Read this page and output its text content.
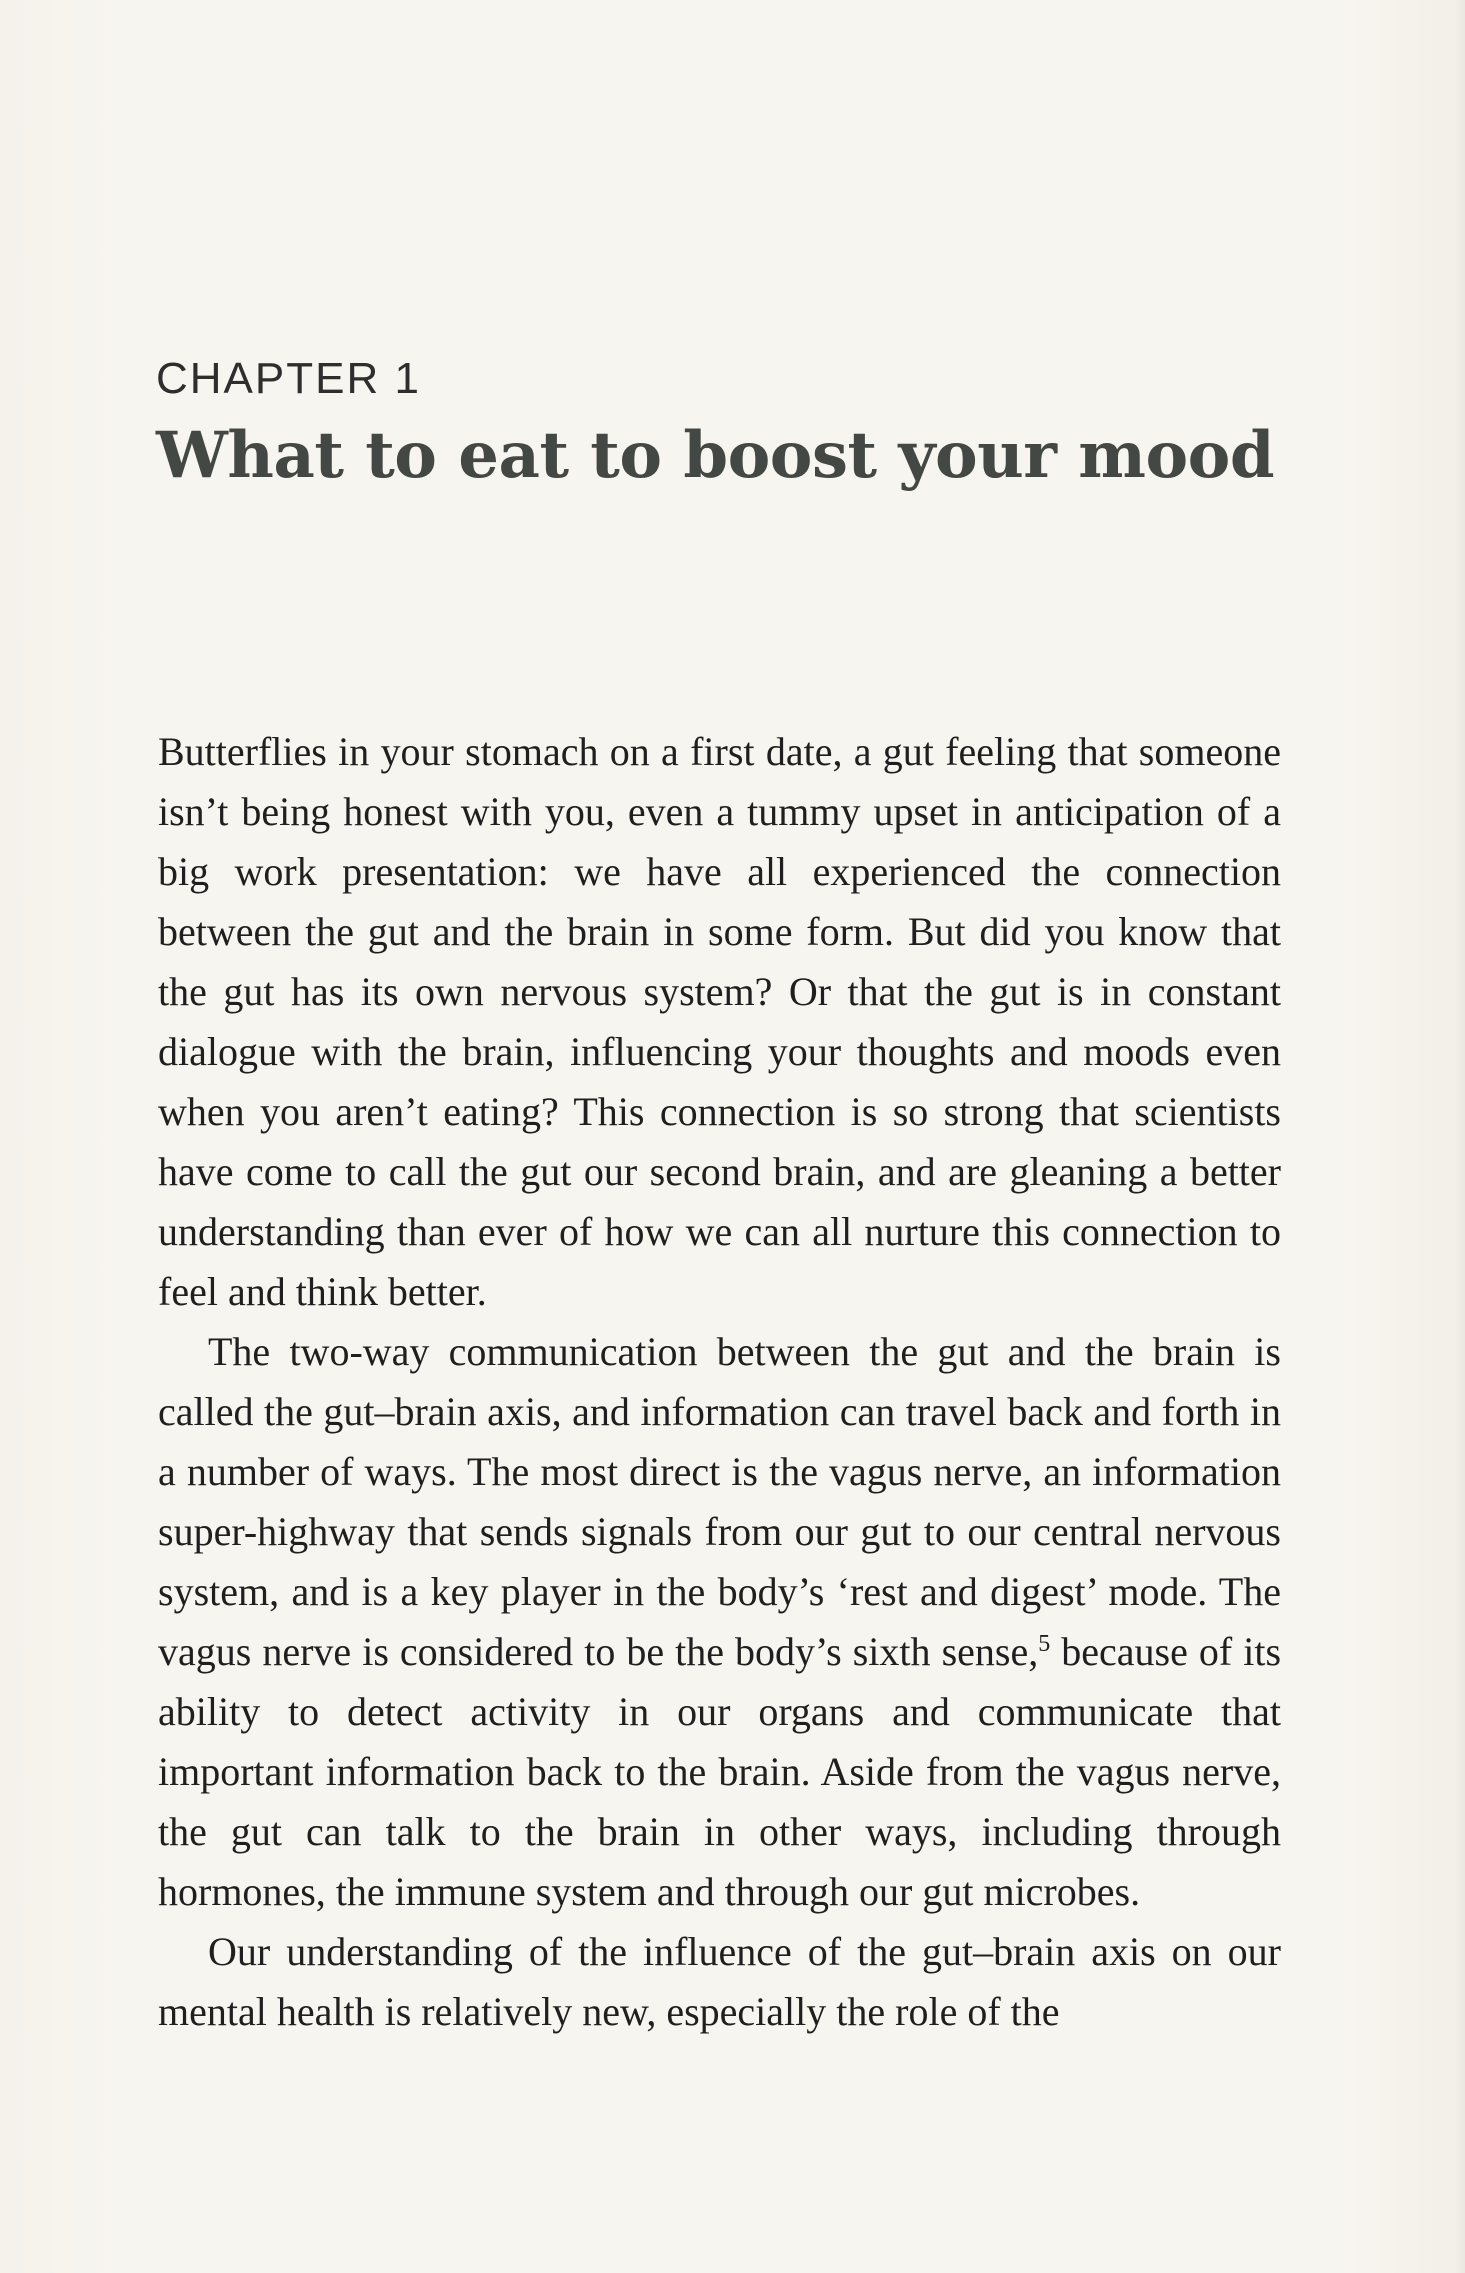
CHAPTER 1
What to eat to boost your mood

Butterflies in your stomach on a first date, a gut feeling that someone isn’t being honest with you, even a tummy upset in anticipation of a big work presentation: we have all experienced the connection between the gut and the brain in some form. But did you know that the gut has its own nervous system? Or that the gut is in constant dialogue with the brain, influencing your thoughts and moods even when you aren’t eating? This connection is so strong that scientists have come to call the gut our second brain, and are gleaning a better understanding than ever of how we can all nurture this connection to feel and think better.

The two-way communication between the gut and the brain is called the gut–brain axis, and information can travel back and forth in a number of ways. The most direct is the vagus nerve, an information super-highway that sends signals from our gut to our central nervous system, and is a key player in the body’s ‘rest and digest’ mode. The vagus nerve is considered to be the body’s sixth sense,$^5$ because of its ability to detect activity in our organs and communicate that important information back to the brain. Aside from the vagus nerve, the gut can talk to the brain in other ways, including through hormones, the immune system and through our gut microbes.

Our understanding of the influence of the gut–brain axis on our mental health is relatively new, especially the role of the
